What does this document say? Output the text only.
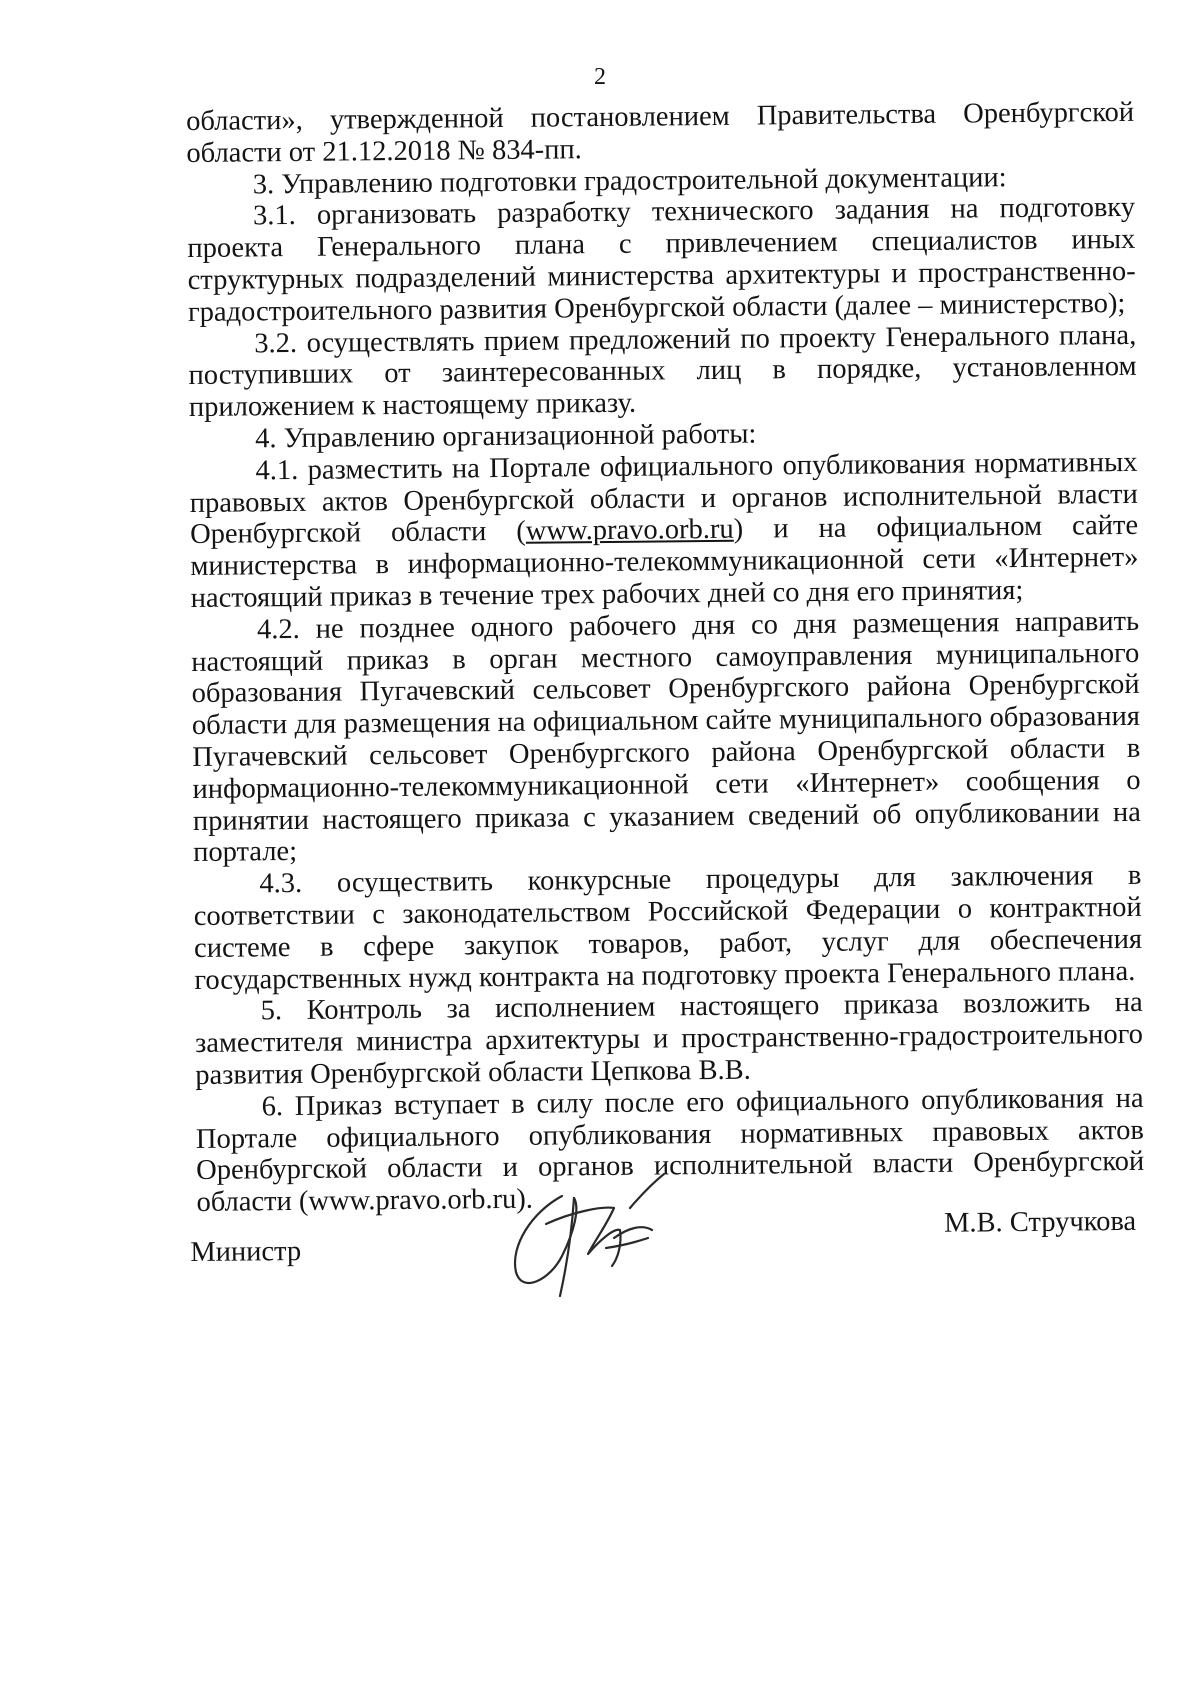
2

области», утвержденной постановлением Правительства Оренбургской области от 21.12.2018 № 834-пп.

3. Управлению подготовки градостроительной документации:

3.1. организовать разработку технического задания на подготовку проекта Генерального плана с привлечением специалистов иных структурных подразделений министерства архитектуры и пространственно-градостроительного развития Оренбургской области (далее – министерство);

3.2. осуществлять прием предложений по проекту Генерального плана, поступивших от заинтересованных лиц в порядке, установленном приложением к настоящему приказу.

4. Управлению организационной работы:

4.1. разместить на Портале официального опубликования нормативных правовых актов Оренбургской области и органов исполнительной власти Оренбургской области (www.pravo.orb.ru) и на официальном сайте министерства в информационно-телекоммуникационной сети «Интернет» настоящий приказ в течение трех рабочих дней со дня его принятия;

4.2. не позднее одного рабочего дня со дня размещения направить настоящий приказ в орган местного самоуправления муниципального образования Пугачевский сельсовет Оренбургского района Оренбургской области для размещения на официальном сайте муниципального образования Пугачевский сельсовет Оренбургского района Оренбургской области в информационно-телекоммуникационной сети «Интернет» сообщения о принятии настоящего приказа с указанием сведений об опубликовании на портале;

4.3. осуществить конкурсные процедуры для заключения в соответствии с законодательством Российской Федерации о контрактной системе в сфере закупок товаров, работ, услуг для обеспечения государственных нужд контракта на подготовку проекта Генерального плана.

5. Контроль за исполнением настоящего приказа возложить на заместителя министра архитектуры и пространственно-градостроительного развития Оренбургской области Цепкова В.В.

6. Приказ вступает в силу после его официального опубликования на Портале официального опубликования нормативных правовых актов Оренбургской области и органов исполнительной власти Оренбургской области (www.pravo.orb.ru).

Министр
М.В. Стручкова
